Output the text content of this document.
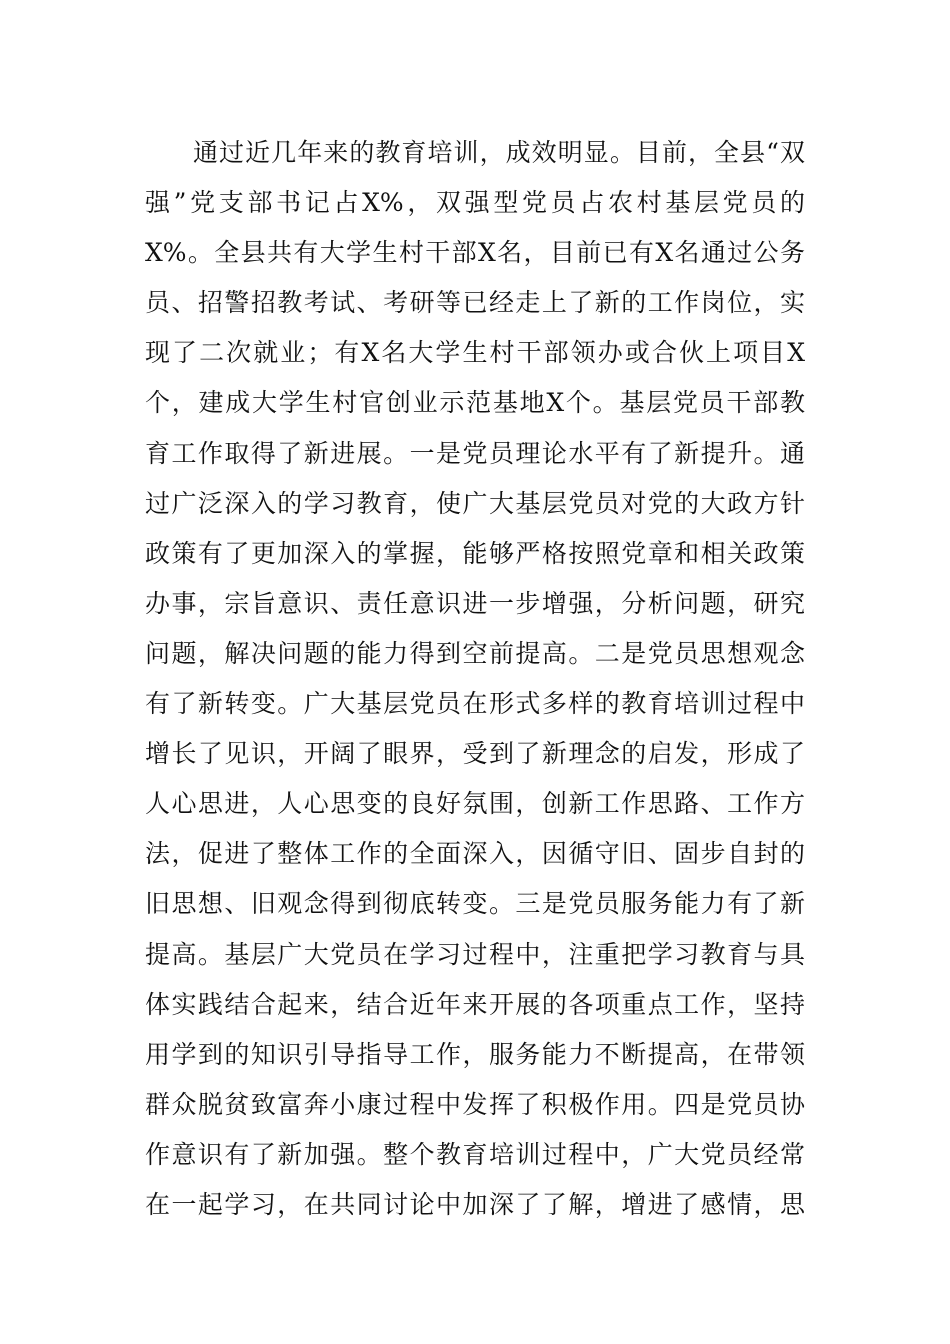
通过近几年来的教育培训，成效明显。目前，全县“双
强”党支部书记占X%，双强型党员占农村基层党员的
X%。全县共有大学生村干部X名，目前已有X名通过公务
员、招警招教考试、考研等已经走上了新的工作岗位，实
现了二次就业；有X名大学生村干部领办或合伙上项目X
个，建成大学生村官创业示范基地X个。基层党员干部教
育工作取得了新进展。一是党员理论水平有了新提升。通
过广泛深入的学习教育，使广大基层党员对党的大政方针
政策有了更加深入的掌握，能够严格按照党章和相关政策
办事，宗旨意识、责任意识进一步增强，分析问题，研究
问题，解决问题的能力得到空前提高。二是党员思想观念
有了新转变。广大基层党员在形式多样的教育培训过程中
增长了见识，开阔了眼界，受到了新理念的启发，形成了
人心思进，人心思变的良好氛围，创新工作思路、工作方
法，促进了整体工作的全面深入，因循守旧、固步自封的
旧思想、旧观念得到彻底转变。三是党员服务能力有了新
提高。基层广大党员在学习过程中，注重把学习教育与具
体实践结合起来，结合近年来开展的各项重点工作，坚持
用学到的知识引导指导工作，服务能力不断提高，在带领
群众脱贫致富奔小康过程中发挥了积极作用。四是党员协
作意识有了新加强。整个教育培训过程中，广大党员经常
在一起学习，在共同讨论中加深了了解，增进了感情，思
